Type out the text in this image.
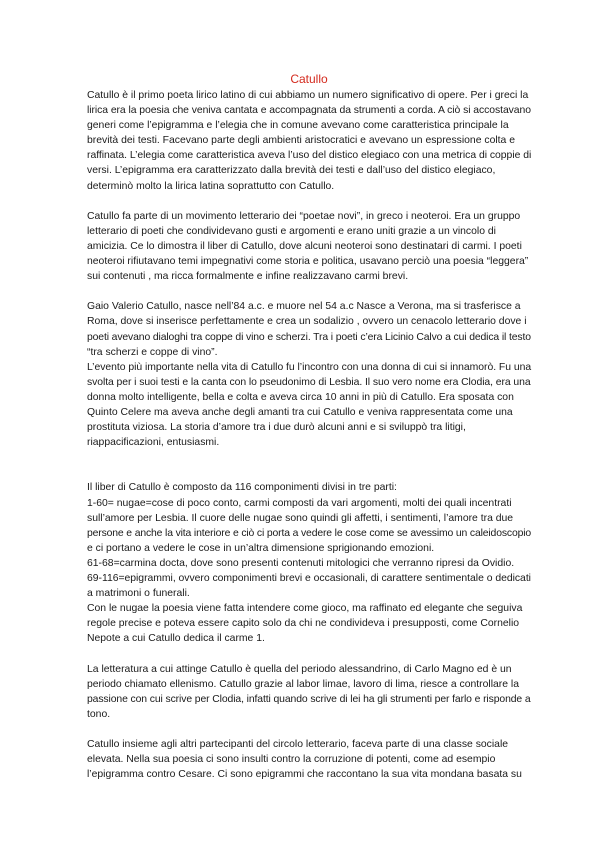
Catullo
Catullo è il primo poeta lirico latino di cui abbiamo un numero significativo di opere. Per i greci la
lirica era la poesia che veniva cantata e accompagnata da strumenti a corda. A ciò si accostavano
generi come l’epigramma e l’elegia che in comune avevano come caratteristica principale la
brevità dei testi. Facevano parte degli ambienti aristocratici e avevano un espressione colta e
raffinata. L’elegia come caratteristica aveva l’uso del distico elegiaco con una metrica di coppie di
versi. L’epigramma era caratterizzato dalla brevità dei testi e dall’uso del distico elegiaco,
determinò molto la lirica latina soprattutto con Catullo.
Catullo fa parte di un movimento letterario dei “poetae novi”, in greco i neoteroi. Era un gruppo
letterario di poeti che condividevano gusti e argomenti e erano uniti grazie a un vincolo di
amicizia. Ce lo dimostra il liber di Catullo, dove alcuni neoteroi sono destinatari di carmi. I poeti
neoteroi rifiutavano temi impegnativi come storia e politica, usavano perciò una poesia “leggera”
sui contenuti , ma ricca formalmente e infine realizzavano carmi brevi.
Gaio Valerio Catullo, nasce nell’84 a.c. e muore nel 54 a.c Nasce a Verona, ma si trasferisce a
Roma, dove si inserisce perfettamente e crea un sodalizio , ovvero un cenacolo letterario dove i
poeti avevano dialoghi tra coppe di vino e scherzi. Tra i poeti c’era Licinio Calvo a cui dedica il testo
“tra scherzi e coppe di vino”.
L’evento più importante nella vita di Catullo fu l’incontro con una donna di cui si innamorò. Fu una
svolta per i suoi testi e la canta con lo pseudonimo di Lesbia. Il suo vero nome era Clodia, era una
donna molto intelligente, bella e colta e aveva circa 10 anni in più di Catullo. Era sposata con
Quinto Celere ma aveva anche degli amanti tra cui Catullo e veniva rappresentata come una
prostituta viziosa. La storia d’amore tra i due durò alcuni anni e si sviluppò tra litigi,
riappacificazioni, entusiasmi.
Il liber di Catullo è composto da 116 componimenti divisi in tre parti:
1-60= nugae=cose di poco conto, carmi composti da vari argomenti, molti dei quali incentrati
sull’amore per Lesbia. Il cuore delle nugae sono quindi gli affetti, i sentimenti, l’amore tra due
persone e anche la vita interiore e ciò ci porta a vedere le cose come se avessimo un caleidoscopio
e ci portano a vedere le cose in un’altra dimensione sprigionando emozioni.
61-68=carmina docta, dove sono presenti contenuti mitologici che verranno ripresi da Ovidio.
69-116=epigrammi, ovvero componimenti brevi e occasionali, di carattere sentimentale o dedicati
a matrimoni o funerali.
Con le nugae la poesia viene fatta intendere come gioco, ma raffinato ed elegante che seguiva
regole precise e poteva essere capito solo da chi ne condivideva i presupposti, come Cornelio
Nepote a cui Catullo dedica il carme 1.
La letteratura a cui attinge Catullo è quella del periodo alessandrino, di Carlo Magno ed è un
periodo chiamato ellenismo. Catullo grazie al labor limae, lavoro di lima, riesce a controllare la
passione con cui scrive per Clodia, infatti quando scrive di lei ha gli strumenti per farlo e risponde a
tono.
Catullo insieme agli altri partecipanti del circolo letterario, faceva parte di una classe sociale
elevata. Nella sua poesia ci sono insulti contro la corruzione di potenti, come ad esempio
l’epigramma contro Cesare. Ci sono epigrammi che raccontano la sua vita mondana basata su
